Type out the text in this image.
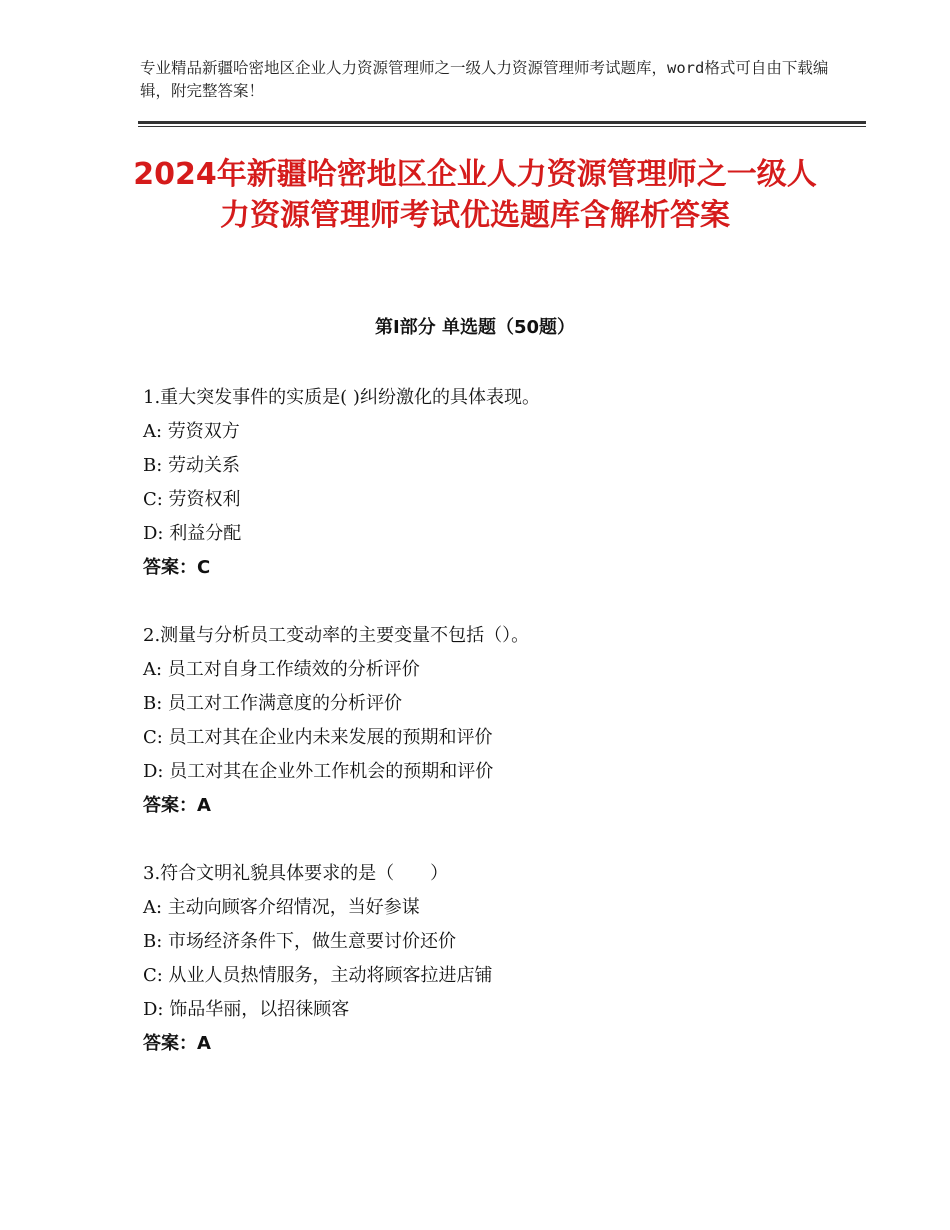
专业精品新疆哈密地区企业人力资源管理师之一级人力资源管理师考试题库，word格式可自由下载编辑，附完整答案！
2024年新疆哈密地区企业人力资源管理师之一级人力资源管理师考试优选题库含解析答案
第Ⅰ部分 单选题（50题）
1.重大突发事件的实质是( )纠纷激化的具体表现。
A: 劳资双方
B: 劳动关系
C: 劳资权利
D: 利益分配
答案：C
2.测量与分析员工变动率的主要变量不包括（）。
A: 员工对自身工作绩效的分析评价
B: 员工对工作满意度的分析评价
C: 员工对其在企业内未来发展的预期和评价
D: 员工对其在企业外工作机会的预期和评价
答案：A
3.符合文明礼貌具体要求的是（　　）
A: 主动向顾客介绍情况，当好参谋
B: 市场经济条件下，做生意要讨价还价
C: 从业人员热情服务，主动将顾客拉进店铺
D: 饰品华丽，以招徕顾客
答案：A
